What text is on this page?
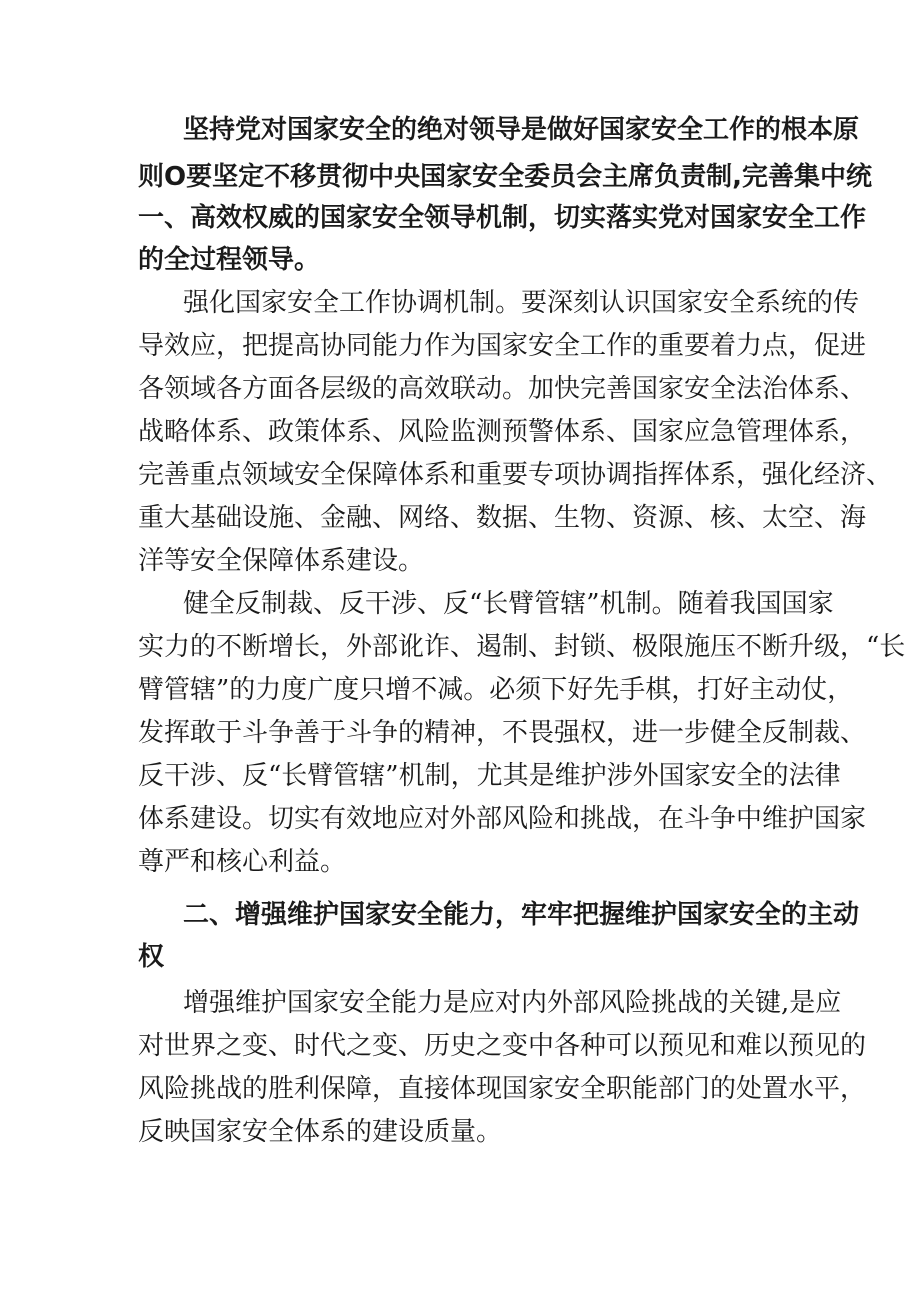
坚持党对国家安全的绝对领导是做好国家安全工作的根本原
则O要坚定不移贯彻中央国家安全委员会主席负责制,完善集中统
一、高效权威的国家安全领导机制，切实落实党对国家安全工作
的全过程领导。
强化国家安全工作协调机制。要深刻认识国家安全系统的传
导效应，把提高协同能力作为国家安全工作的重要着力点，促进
各领域各方面各层级的高效联动。加快完善国家安全法治体系、
战略体系、政策体系、风险监测预警体系、国家应急管理体系，
完善重点领域安全保障体系和重要专项协调指挥体系，强化经济、
重大基础设施、金融、网络、数据、生物、资源、核、太空、海
洋等安全保障体系建设。
健全反制裁、反干涉、反“长臂管辖”机制。随着我国国家
实力的不断增长，外部讹诈、遏制、封锁、极限施压不断升级，“长
臂管辖”的力度广度只增不减。必须下好先手棋，打好主动仗，
发挥敢于斗争善于斗争的精神，不畏强权，进一步健全反制裁、
反干涉、反“长臂管辖”机制，尤其是维护涉外国家安全的法律
体系建设。切实有效地应对外部风险和挑战，在斗争中维护国家
尊严和核心利益。
二、增强维护国家安全能力，牢牢把握维护国家安全的主动
权
增强维护国家安全能力是应对内外部风险挑战的关键,是应
对世界之变、时代之变、历史之变中各种可以预见和难以预见的
风险挑战的胜利保障，直接体现国家安全职能部门的处置水平，
反映国家安全体系的建设质量。
